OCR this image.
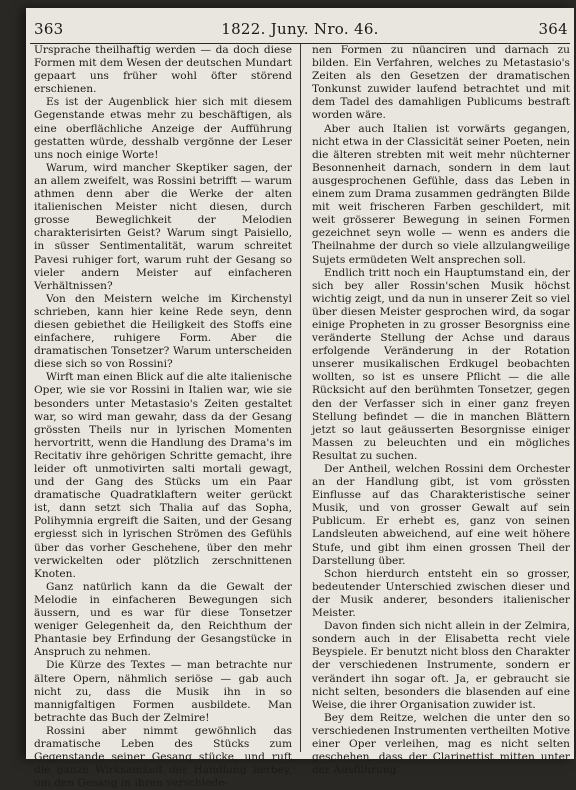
363	1822. Juny. Nro. 46.	364

Ursprache theilhaftig werden — da doch diese Formen mit dem Wesen der deutschen Mundart gepaart uns früher wohl öfter störend erschienen.

Es ist der Augenblick hier sich mit diesem Gegenstande etwas mehr zu beschäftigen, als eine oberflächliche Anzeige der Aufführung gestatten würde, desshalb vergönne der Leser uns noch einige Worte!

Warum, wird mancher Skeptiker sagen, der an allem zweifelt, was Rossini betrifft — warum athmen denn aber die Werke der alten italienischen Meister nicht diesen, durch grosse Beweglichkeit der Melodien charakterisirten Geist? Warum singt Paisiello, in süsser Sentimentalität, warum schreitet Pavesi ruhiger fort, warum ruht der Gesang so vieler andern Meister auf einfacheren Verhältnissen?

Von den Meistern welche im Kirchenstyl schrieben, kann hier keine Rede seyn, denn diesen gebiethet die Heiligkeit des Stoffs eine einfachere, ruhigere Form. Aber die dramatischen Tonsetzer? Warum unterscheiden diese sich so von Rossini?

Wirft man einen Blick auf die alte italienische Oper, wie sie vor Rossini in Italien war, wie sie besonders unter Metastasio's Zeiten gestaltet war, so wird man gewahr, dass da der Gesang grössten Theils nur in lyrischen Momenten hervortritt, wenn die Handlung des Drama's im Recitativ ihre gehörigen Schritte gemacht, ihre leider oft unmotivirten salti mortali gewagt, und der Gang des Stücks um ein Paar dramatische Quadratklaftern weiter gerückt ist, dann setzt sich Thalia auf das Sopha, Polihymnia ergreift die Saiten, und der Gesang ergiesst sich in lyrischen Strömen des Gefühls über das vorher Geschehene, über den mehr verwickelten oder plötzlich zerschnittenen Knoten.

Ganz natürlich kann da die Gewalt der Melodie in einfacheren Bewegungen sich äussern, und es war für diese Tonsetzer weniger Gelegenheit da, den Reichthum der Phantasie bey Erfindung der Gesangstücke in Anspruch zu nehmen.

Die Kürze des Textes — man betrachte nur ältere Opern, nähmlich seriöse — gab auch nicht zu, dass die Musik ihn in so mannigfaltigen Formen ausbildete. Man betrachte das Buch der Zelmire!

Rossini aber nimmt gewöhnlich das dramatische Leben des Stücks zum Gegenstande seiner Gesang stücke, und ruft die ganze Wirksamkeit der Handlung herbey, um den Gesang in ihren verschiede-

nen Formen zu nüanciren und darnach zu bilden. Ein Verfahren, welches zu Metastasio's Zeiten als den Gesetzen der dramatischen Tonkunst zuwider laufend betrachtet und mit dem Tadel des damahligen Publicums bestraft worden wäre.

Aber auch Italien ist vorwärts gegangen, nicht etwa in der Classicität seiner Poeten, nein die älteren strebten mit weit mehr nüchterner Besonnenheit darnach, sondern in dem laut ausgesprochenen Gefühle, dass das Leben in einem zum Drama zusammen gedrängten Bilde mit weit frischeren Farben geschildert, mit weit grösserer Bewegung in seinen Formen gezeichnet seyn wolle — wenn es anders die Theilnahme der durch so viele allzulangweilige Sujets ermüdeten Welt ansprechen soll.

Endlich tritt noch ein Hauptumstand ein, der sich bey aller Rossin'schen Musik höchst wichtig zeigt, und da nun in unserer Zeit so viel über diesen Meister gesprochen wird, da sogar einige Propheten in zu grosser Besorgniss eine veränderte Stellung der Achse und daraus erfolgende Veränderung in der Rotation unserer musikalischen Erdkugel beobachten wollten, so ist es unsere Pflicht — die alle Rücksicht auf den berühmten Tonsetzer, gegen den der Verfasser sich in einer ganz freyen Stellung befindet — die in manchen Blättern jetzt so laut geäusserten Besorgnisse einiger Massen zu beleuchten und ein mögliches Resultat zu suchen.

Der Antheil, welchen Rossini dem Orchester an der Handlung gibt, ist vom grössten Einflusse auf das Charakteristische seiner Musik, und von grosser Gewalt auf sein Publicum. Er erhebt es, ganz von seinen Landsleuten abweichend, auf eine weit höhere Stufe, und gibt ihm einen grossen Theil der Darstellung über.

Schon hierdurch entsteht ein so grosser, bedeutender Unterschied zwischen dieser und der Musik anderer, besonders italienischer Meister.

Davon finden sich nicht allein in der Zelmira, sondern auch in der Elisabetta recht viele Beyspiele. Er benutzt nicht bloss den Charakter der verschiedenen Instrumente, sondern er verändert ihn sogar oft. Ja, er gebraucht sie nicht selten, besonders die blasenden auf eine Weise, die ihrer Organisation zuwider ist.

Bey dem Reitze, welchen die unter den so verschiedenen Instrumenten vertheilten Motive einer Oper verleihen, mag es nicht selten geschehen, dass der Clarinettist mitten unter der Ausführung
